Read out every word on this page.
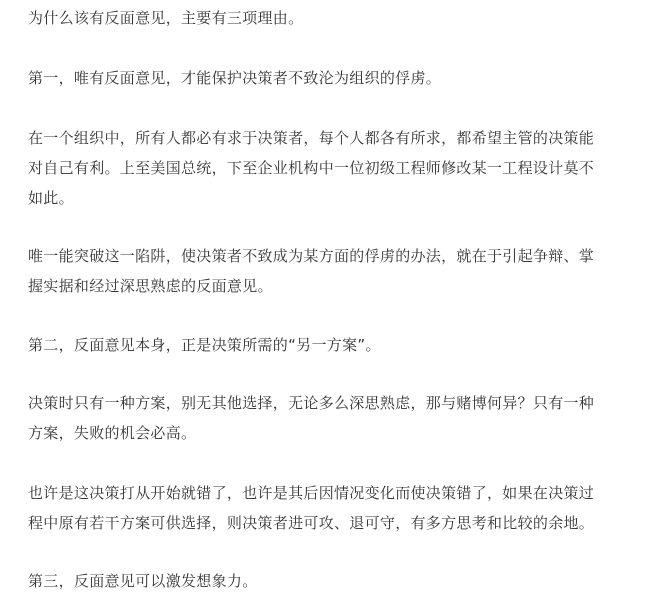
为什么该有反面意见，主要有三项理由。

第一，唯有反面意见，才能保护决策者不致沦为组织的俘虏。

在一个组织中，所有人都必有求于决策者，每个人都各有所求，都希望主管的决策能
对自己有利。上至美国总统，下至企业机构中一位初级工程师修改某一工程设计莫不
如此。

唯一能突破这一陷阱，使决策者不致成为某方面的俘虏的办法，就在于引起争辩、掌
握实据和经过深思熟虑的反面意见。

第二，反面意见本身，正是决策所需的“另一方案”。

决策时只有一种方案，别无其他选择，无论多么深思熟虑，那与赌博何异？只有一种
方案，失败的机会必高。

也许是这决策打从开始就错了，也许是其后因情况变化而使决策错了，如果在决策过
程中原有若干方案可供选择，则决策者进可攻、退可守，有多方思考和比较的余地。

第三，反面意见可以激发想象力。
